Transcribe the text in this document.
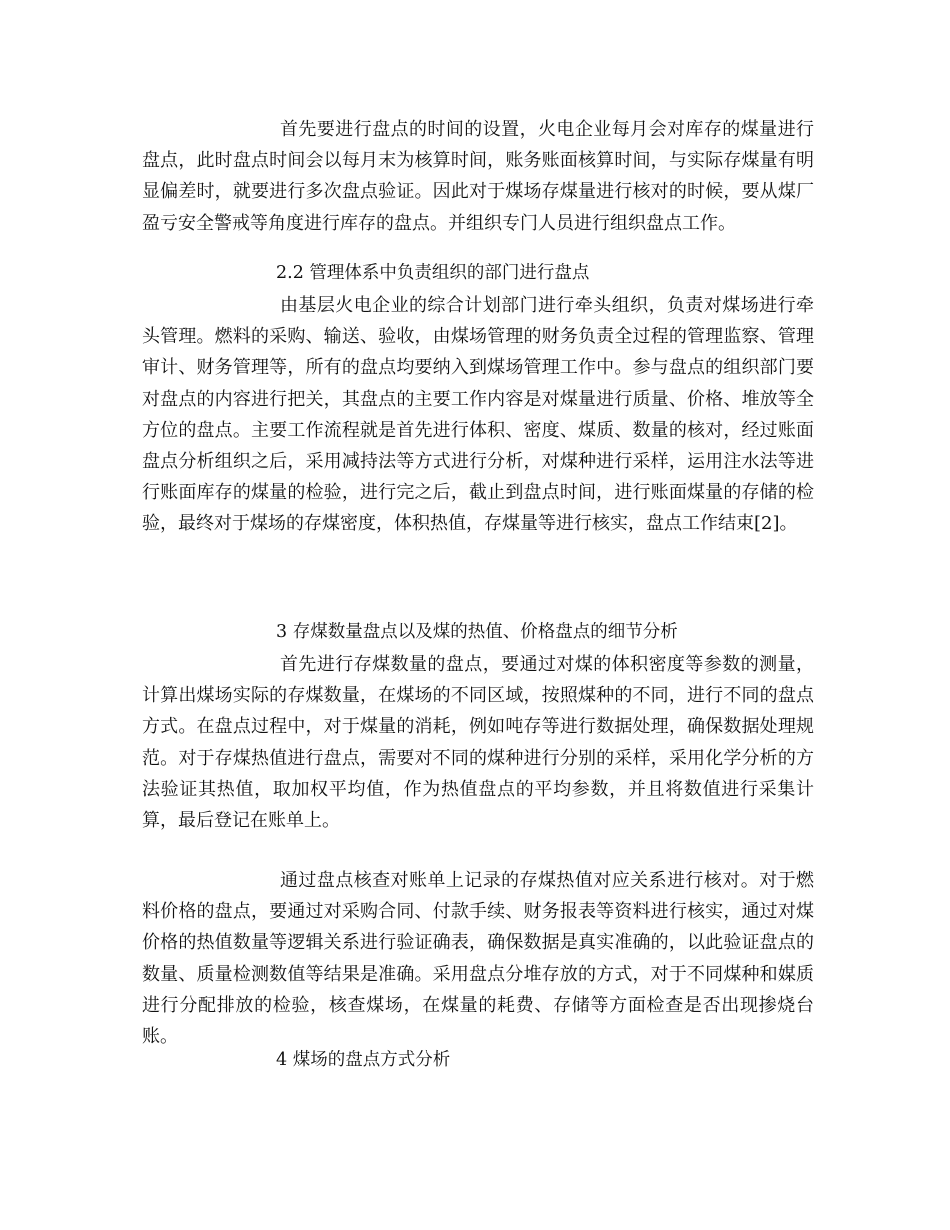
首先要进行盘点的时间的设置，火电企业每月会对库存的煤量进行盘点，此时盘点时间会以每月末为核算时间，账务账面核算时间，与实际存煤量有明显偏差时，就要进行多次盘点验证。因此对于煤场存煤量进行核对的时候，要从煤厂盈亏安全警戒等角度进行库存的盘点。并组织专门人员进行组织盘点工作。

2.2 管理体系中负责组织的部门进行盘点

由基层火电企业的综合计划部门进行牵头组织，负责对煤场进行牵头管理。燃料的采购、输送、验收，由煤场管理的财务负责全过程的管理监察、管理审计、财务管理等，所有的盘点均要纳入到煤场管理工作中。参与盘点的组织部门要对盘点的内容进行把关，其盘点的主要工作内容是对煤量进行质量、价格、堆放等全方位的盘点。主要工作流程就是首先进行体积、密度、煤质、数量的核对，经过账面盘点分析组织之后，采用减持法等方式进行分析，对煤种进行采样，运用注水法等进行账面库存的煤量的检验，进行完之后，截止到盘点时间，进行账面煤量的存储的检验，最终对于煤场的存煤密度，体积热值，存煤量等进行核实，盘点工作结束[2]。

3 存煤数量盘点以及煤的热值、价格盘点的细节分析

首先进行存煤数量的盘点，要通过对煤的体积密度等参数的测量，计算出煤场实际的存煤数量，在煤场的不同区域，按照煤种的不同，进行不同的盘点方式。在盘点过程中，对于煤量的消耗，例如吨存等进行数据处理，确保数据处理规范。对于存煤热值进行盘点，需要对不同的煤种进行分别的采样，采用化学分析的方法验证其热值，取加权平均值，作为热值盘点的平均参数，并且将数值进行采集计算，最后登记在账单上。

通过盘点核查对账单上记录的存煤热值对应关系进行核对。对于燃料价格的盘点，要通过对采购合同、付款手续、财务报表等资料进行核实，通过对煤价格的热值数量等逻辑关系进行验证确表，确保数据是真实准确的，以此验证盘点的数量、质量检测数值等结果是准确。采用盘点分堆存放的方式，对于不同煤种和媒质进行分配排放的检验，核查煤场，在煤量的耗费、存储等方面检查是否出现掺烧台账。

4 煤场的盘点方式分析
